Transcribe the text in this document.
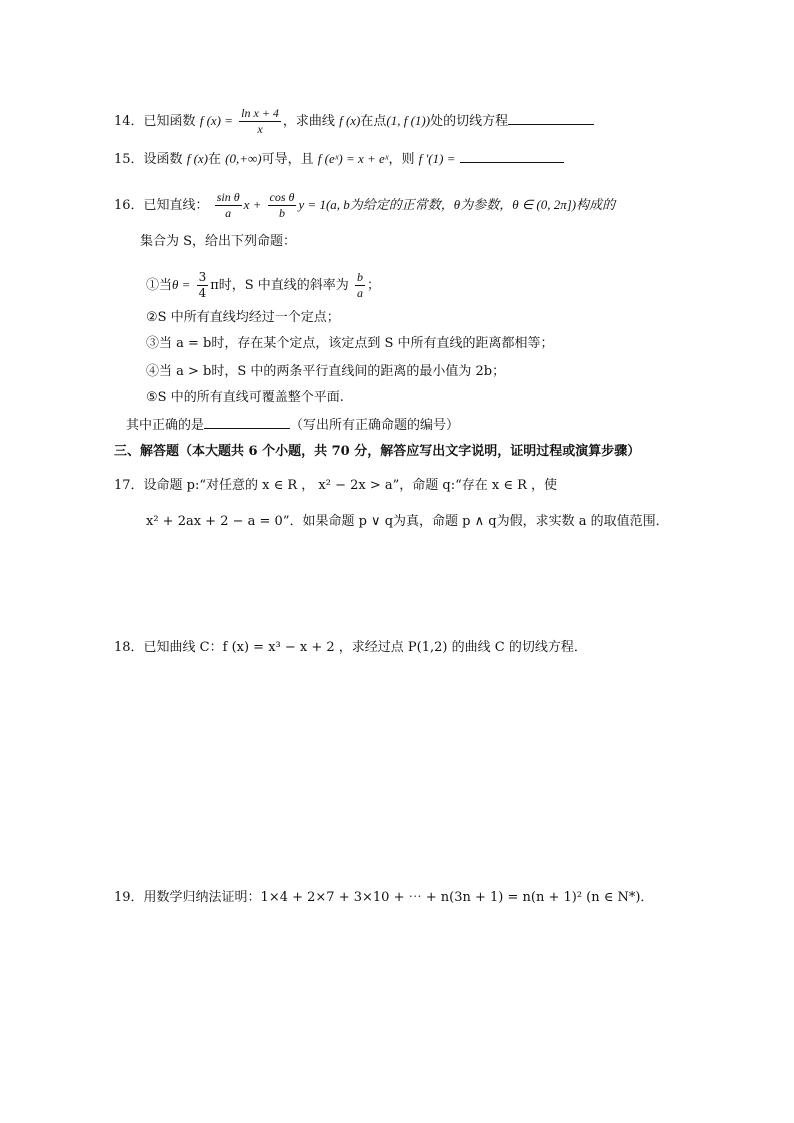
14．已知函数 f $(x) = \frac{\text{ln x + 4}}{x}$ ，求曲线 f (x)在点(1, f (1))处的切线方程
15．设函数 f (x)在 (0,+∞)可导，且 f (eˣ) = x + eˣ，则 f '(1) =
16．已知直线： $\frac{\text{sin θ}}{a}$ $x + \frac{\text{cos θ}}{b}$ y = 1(a, b为给定的正常数，θ为参数，θ ∈ (0, 2π])构成的
集合为 S，给出下列命题：
①当$\theta = \frac{3}{4}$ π时，S 中直线的斜率为 $\frac{b}{a}$ ；
②S 中所有直线均经过一个定点；
③当 a = b时，存在某个定点，该定点到 S 中所有直线的距离都相等；
④当 a > b时，S 中的两条平行直线间的距离的最小值为 2b；
⑤S 中的所有直线可覆盖整个平面.
其中正确的是	（写出所有正确命题的编号）
三、解答题（本大题共 6 个小题，共 70 分，解答应写出文字说明，证明过程或演算步骤）
17．设命题 p:“对任意的 x ∈ R ， x² − 2x > a”，命题 q:“存在 x ∈ R ，使
x² + 2ax + 2 − a = 0”．如果命题 p ∨ q为真，命题 p ∧ q为假，求实数 a 的取值范围．
18．已知曲线 C：f (x) = x³ − x + 2 ，求经过点 P(1,2) 的曲线 C 的切线方程．
19．用数学归纳法证明：1×4 + 2×7 + 3×10 + ⋯ + n(3n + 1) = n(n + 1)² (n ∈ N*)．
